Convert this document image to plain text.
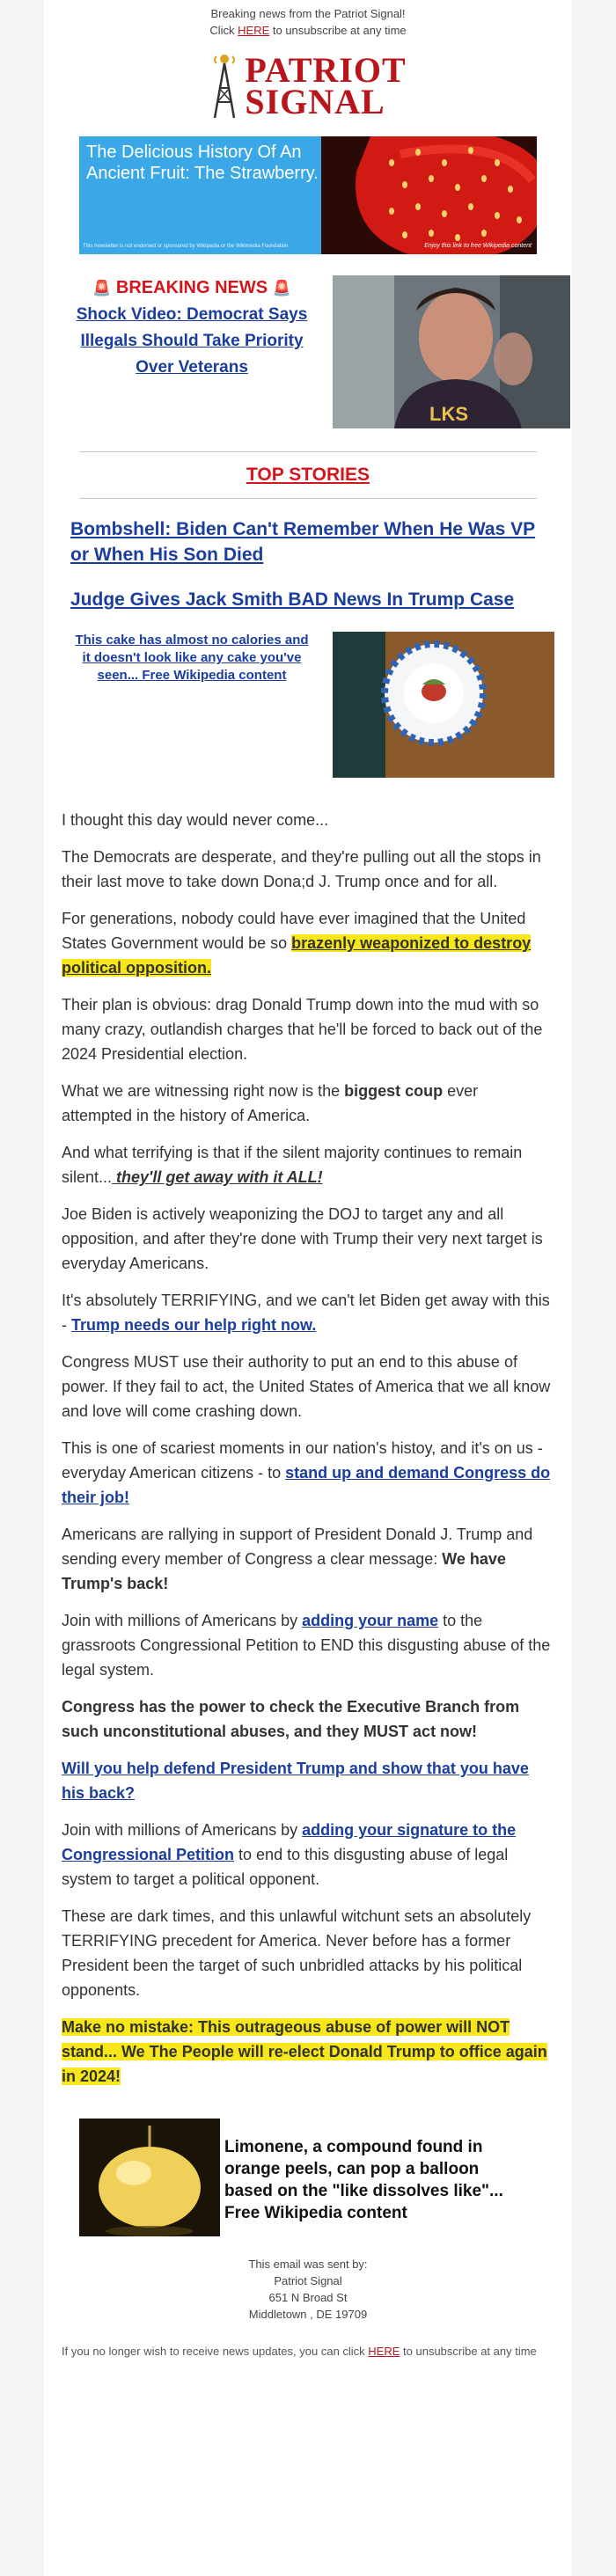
Breaking news from the Patriot Signal!
Click HERE to unsubscribe at any time
PATRIOT
SIGNAL
The Delicious History Of An Ancient Fruit: The Strawberry.
This newsletter is not endorsed or sponsored by Wikipedia or the Wikimedia Foundation	Enjoy this link to free Wikipedia content
🚨 BREAKING NEWS 🚨
Shock Video: Democrat Says Illegals Should Take Priority Over Veterans
LKS
TOP STORIES
Bombshell: Biden Can't Remember When He Was VP or When His Son Died
Judge Gives Jack Smith BAD News In Trump Case
This cake has almost no calories and it doesn't look like any cake you've seen... Free Wikipedia content

I thought this day would never come...

The Democrats are desperate, and they're pulling out all the stops in their last move to take down Dona;d J. Trump once and for all.

For generations, nobody could have ever imagined that the United States Government would be so brazenly weaponized to destroy political opposition.

Their plan is obvious: drag Donald Trump down into the mud with so many crazy, outlandish charges that he'll be forced to back out of the 2024 Presidential election.

What we are witnessing right now is the biggest coup ever attempted in the history of America.

And what terrifying is that if the silent majority continues to remain silent... they'll get away with it ALL!

Joe Biden is actively weaponizing the DOJ to target any and all opposition, and after they're done with Trump their very next target is everyday Americans.

It's absolutely TERRIFYING, and we can't let Biden get away with this - Trump needs our help right now.

Congress MUST use their authority to put an end to this abuse of power. If they fail to act, the United States of America that we all know and love will come crashing down.

This is one of scariest moments in our nation's histoy, and it's on us - everyday American citizens - to stand up and demand Congress do their job!

Americans are rallying in support of President Donald J. Trump and sending every member of Congress a clear message: We have Trump's back!

Join with millions of Americans by adding your name to the grassroots Congressional Petition to END this disgusting abuse of the legal system.

Congress has the power to check the Executive Branch from such unconstitutional abuses, and they MUST act now!

Will you help defend President Trump and show that you have his back?

Join with millions of Americans by adding your signature to the Congressional Petition to end to this disgusting abuse of legal system to target a political opponent.

These are dark times, and this unlawful witchunt sets an absolutely TERRIFYING precedent for America. Never before has a former President been the target of such unbridled attacks by his political opponents.

Make no mistake: This outrageous abuse of power will NOT stand... We The People will re-elect Donald Trump to office again in 2024!

Limonene, a compound found in orange peels, can pop a balloon based on the "like dissolves like"... Free Wikipedia content
This email was sent by:
Patriot Signal
651 N Broad St
Middletown , DE 19709
If you no longer wish to receive news updates, you can click HERE to unsubscribe at any time
